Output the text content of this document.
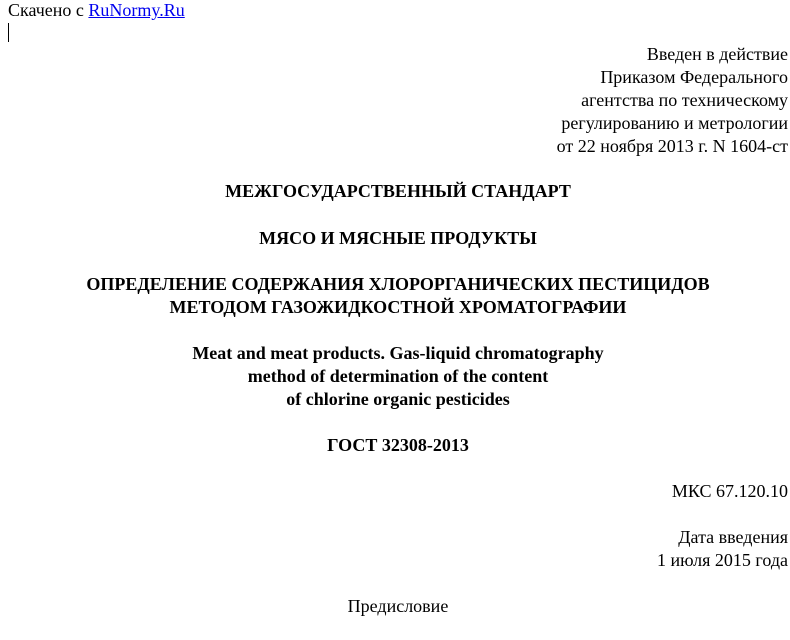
Скачено с RuNormy.Ru
Введен в действие
Приказом Федерального
агентства по техническому
регулированию и метрологии
от 22 ноября 2013 г. N 1604-ст
МЕЖГОСУДАРСТВЕННЫЙ СТАНДАРТ
МЯСО И МЯСНЫЕ ПРОДУКТЫ
ОПРЕДЕЛЕНИЕ СОДЕРЖАНИЯ ХЛОРОРГАНИЧЕСКИХ ПЕСТИЦИДОВ
МЕТОДОМ ГАЗОЖИДКОСТНОЙ ХРОМАТОГРАФИИ
Meat and meat products. Gas-liquid chromatography
method of determination of the content
of chlorine organic pesticides
ГОСТ 32308-2013
МКС 67.120.10
Дата введения
1 июля 2015 года
Предисловие
